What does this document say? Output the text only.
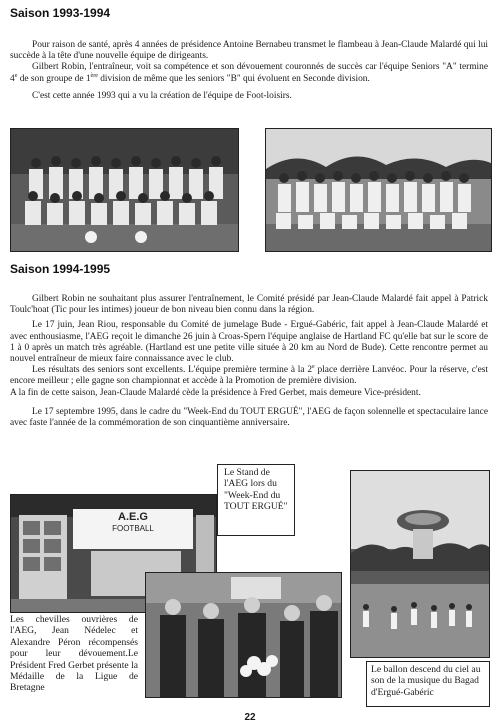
Saison 1993-1994

Pour raison de santé, après 4 années de présidence Antoine Bernabeu transmet le flambeau à Jean-Claude Malardé qui lui succède à la tête d'une nouvelle équipe de dirigeants.

Gilbert Robin, l'entraîneur, voit sa compétence et son dévouement couronnés de succès car l'équipe Seniors "A" termine 4e de son groupe de 1ère division de même que les seniors "B" qui évoluent en Seconde division.

C'est cette année 1993 qui a vu la création de l'équipe de Foot-loisirs.

Saison 1994-1995

Gilbert Robin ne souhaitant plus assurer l'entraînement, le Comité présidé par Jean-Claude Malardé fait appel à Patrick Toulc'hoat (Tic pour les intimes) joueur de bon niveau bien connu dans la région.

Le 17 juin, Jean Riou, responsable du Comité de jumelage Bude - Ergué-Gabéric, fait appel à Jean-Claude Malardé et avec enthousiasme, l'AEG reçoit le dimanche 26 juin à Croas-Spern l'équipe anglaise de Hartland FC qu'elle bat sur le score de 1 à 0 après un match très agréable. (Hartland est une petite ville située à 20 km au Nord de Bude). Cette rencontre permet au nouvel entraîneur de mieux faire connaissance avec le club.

Les résultats des seniors sont excellents. L'équipe première termine à la 2e place derrière Lanvéoc. Pour la réserve, c'est encore meilleur ; elle gagne son championnat et accède à la Promotion de première division.

A la fin de cette saison, Jean-Claude Malardé cède la présidence à Fred Gerbet, mais demeure Vice-président.

Le 17 septembre 1995, dans le cadre du "Week-End du TOUT ERGUÉ", l'AEG de façon solennelle et spectaculaire lance avec faste l'année de la commémoration de son cinquantième anniversaire.

A.E.G
FOOTBALL

Le Stand de l'AEG lors du "Week-End du TOUT ERGUÉ"

Les chevilles ouvrières de l'AEG, Jean Nédelec et Alexandre Péron récompensés pour leur dévouement.Le Président Fred Gerbet présente la Médaille de la Ligue de Bretagne

Le ballon descend du ciel au son de la musique du Bagad d'Ergué-Gabéric

22
